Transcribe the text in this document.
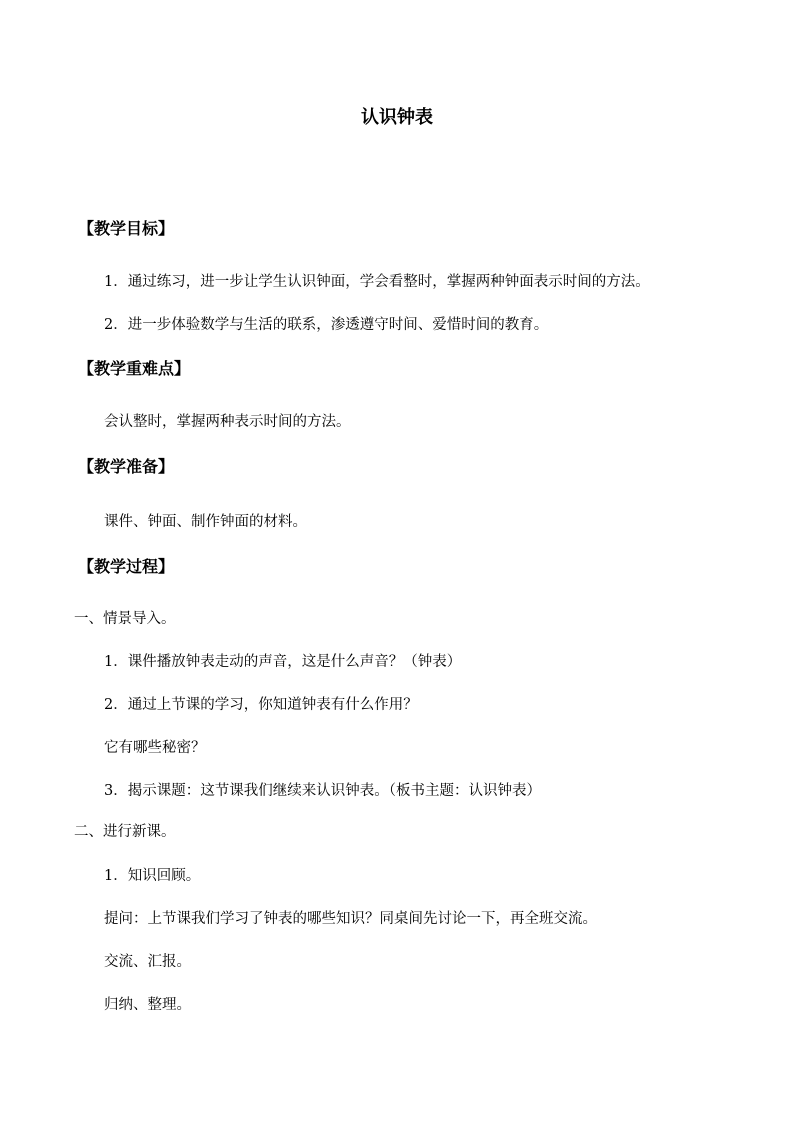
认识钟表
【教学目标】
1．通过练习，进一步让学生认识钟面，学会看整时，掌握两种钟面表示时间的方法。
2．进一步体验数学与生活的联系，渗透遵守时间、爱惜时间的教育。
【教学重难点】
会认整时，掌握两种表示时间的方法。
【教学准备】
课件、钟面、制作钟面的材料。
【教学过程】
一、情景导入。
1．课件播放钟表走动的声音，这是什么声音？（钟表）
2．通过上节课的学习，你知道钟表有什么作用？
它有哪些秘密？
3．揭示课题：这节课我们继续来认识钟表。（板书主题：认识钟表）
二、进行新课。
1．知识回顾。
提问：上节课我们学习了钟表的哪些知识？同桌间先讨论一下，再全班交流。
交流、汇报。
归纳、整理。
